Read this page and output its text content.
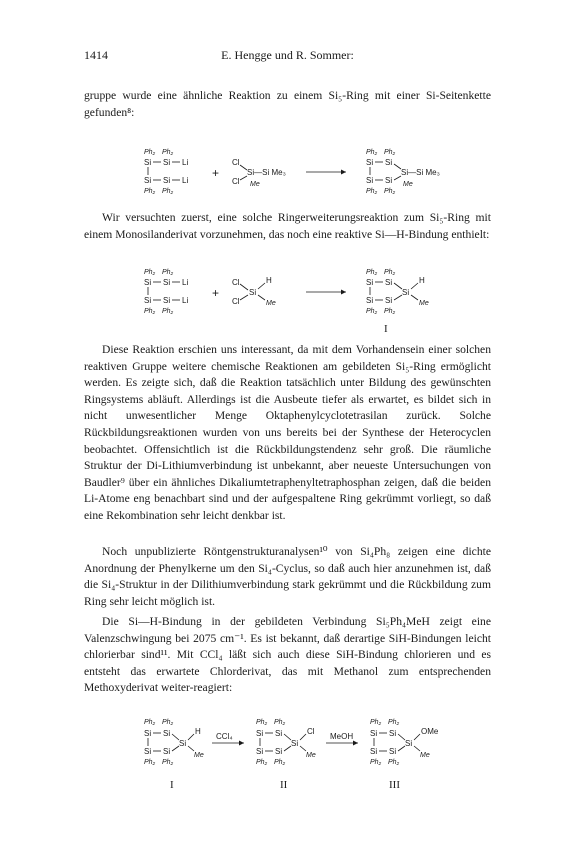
1414	E. Hengge und R. Sommer:

gruppe wurde eine ähnliche Reaktion zu einem Si₅-Ring mit einer Si-Seitenkette gefunden⁸:

Ph₂ Ph₂
Si Si Li
Si Si Li
Ph₂ Ph₂
+
Cl
Si—Si Me₃
Cl Me
Ph₂ Ph₂
Si Si
Si—Si Me₃
Si Si Me
Ph₂ Ph₂

Wir versuchten zuerst, eine solche Ringerweiterungsreaktion zum Si₅-Ring mit einem Monosilanderivat vorzunehmen, das noch eine reaktive Si—H-Bindung enthielt:

Ph₂ Ph₂
Si Si Li
Si Si Li
Ph₂ Ph₂
+
Cl
Si
H
Cl	Me
Ph₂ Ph₂
Si Si
Si
H
Me
Si Si
Ph₂ Ph₂
I

Diese Reaktion erschien uns interessant, da mit dem Vorhandensein einer solchen reaktiven Gruppe weitere chemische Reaktionen am gebildeten Si₅-Ring ermöglicht werden. Es zeigte sich, daß die Reaktion tatsächlich unter Bildung des gewünschten Ringsystems abläuft. Allerdings ist die Ausbeute tiefer als erwartet, es bildet sich in nicht unwesentlicher Menge Oktaphenylcyclotetrasilan zurück. Solche Rückbildungsreaktionen wurden von uns bereits bei der Synthese der Heterocyclen beobachtet. Offensichtlich ist die Rückbildungstendenz sehr groß. Die räumliche Struktur der Di-Lithiumverbindung ist unbekannt, aber neueste Untersuchungen von Baudler⁹ über ein ähnliches Dikaliumtetraphenyltetraphosphan zeigen, daß die beiden Li-Atome eng benachbart sind und der aufgespaltene Ring gekrümmt vorliegt, so daß eine Rekombination sehr leicht denkbar ist.

Noch unpublizierte Röntgenstrukturanalysen¹⁰ von Si₄Ph₈ zeigen eine dichte Anordnung der Phenylkerne um den Si₄-Cyclus, so daß auch hier anzunehmen ist, daß die Si₄-Struktur in der Dilithiumverbindung stark gekrümmt und die Rückbildung zum Ring sehr leicht möglich ist.

Die Si—H-Bindung in der gebildeten Verbindung Si₅Ph₄MeH zeigt eine Valenzschwingung bei 2075 cm⁻¹. Es ist bekannt, daß derartige SiH-Bindungen leicht chlorierbar sind¹¹. Mit CCl₄ läßt sich auch diese SiH-Bindung chlorieren und es entsteht das erwartete Chlorderivat, das mit Methanol zum entsprechenden Methoxyderivat weiter-reagiert:

Ph₂ Ph₂
Si Si
Si
H
Me
Si Si
Ph₂ Ph₂
I
CCl₄
Ph₂ Ph₂
Si Si
Si
Cl
Me
Si Si
Ph₂ Ph₂
II
MeOH
Ph₂ Ph₂
Si Si
Si
OMe
Me
Si Si
Ph₂ Ph₂
III
